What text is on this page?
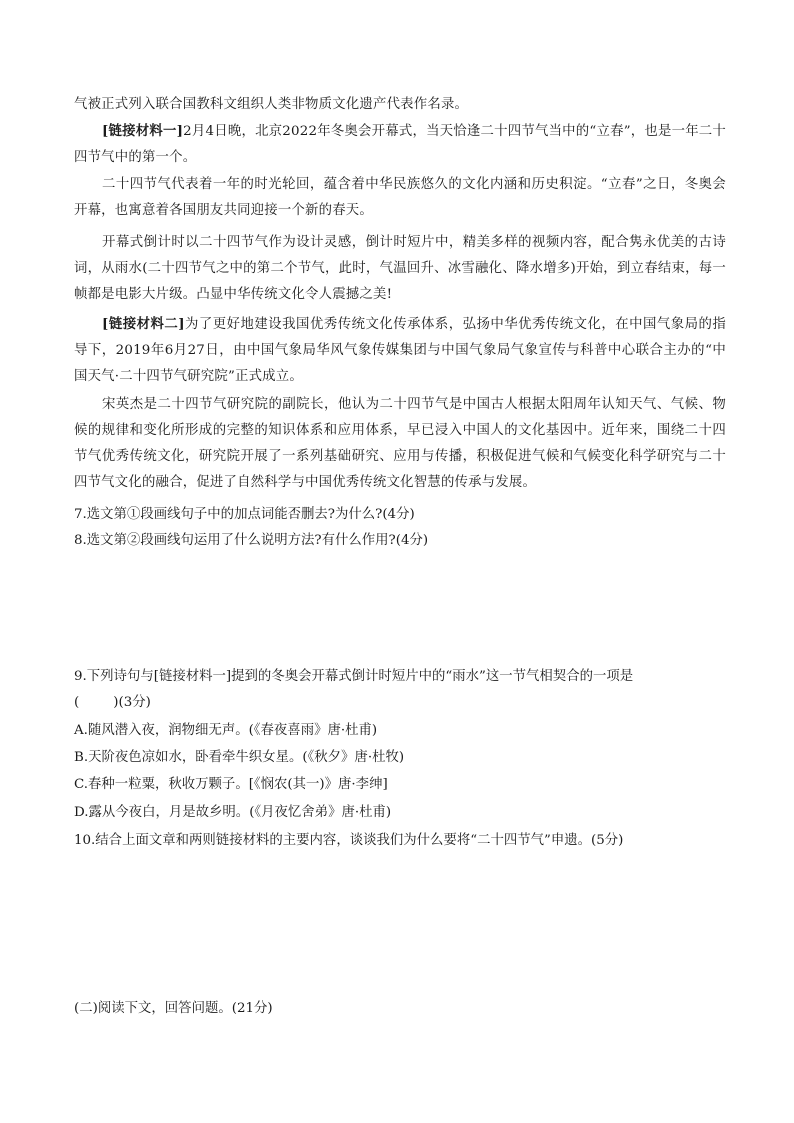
气被正式列入联合国教科文组织人类非物质文化遗产代表作名录。

[链接材料一]2月4日晚，北京2022年冬奥会开幕式，当天恰逢二十四节气当中的“立春”，也是一年二十四节气中的第一个。

二十四节气代表着一年的时光轮回，蕴含着中华民族悠久的文化内涵和历史积淀。“立春”之日，冬奥会开幕，也寓意着各国朋友共同迎接一个新的春天。

开幕式倒计时以二十四节气作为设计灵感，倒计时短片中，精美多样的视频内容，配合隽永优美的古诗词，从雨水(二十四节气之中的第二个节气，此时，气温回升、冰雪融化、降水增多)开始，到立春结束，每一帧都是电影大片级。凸显中华传统文化令人震撼之美!

[链接材料二]为了更好地建设我国优秀传统文化传承体系，弘扬中华优秀传统文化，在中国气象局的指导下，2019年6月27日，由中国气象局华风气象传媒集团与中国气象局气象宣传与科普中心联合主办的“中国天气·二十四节气研究院”正式成立。

宋英杰是二十四节气研究院的副院长，他认为二十四节气是中国古人根据太阳周年认知天气、气候、物候的规律和变化所形成的完整的知识体系和应用体系，早已浸入中国人的文化基因中。近年来，围绕二十四节气优秀传统文化，研究院开展了一系列基础研究、应用与传播，积极促进气候和气候变化科学研究与二十四节气文化的融合，促进了自然科学与中国优秀传统文化智慧的传承与发展。

7.选文第①段画线句子中的加点词能否删去?为什么?(4分)

8.选文第②段画线句运用了什么说明方法?有什么作用?(4分)

9.下列诗句与[链接材料一]提到的冬奥会开幕式倒计时短片中的“雨水”这一节气相契合的一项是

(        )(3分)

A.随风潜入夜，润物细无声。(《春夜喜雨》唐·杜甫)

B.天阶夜色凉如水，卧看牵牛织女星。(《秋夕》唐·杜牧)

C.春种一粒粟，秋收万颗子。[《悯农(其一)》唐·李绅]

D.露从今夜白，月是故乡明。(《月夜忆舍弟》唐·杜甫)

10.结合上面文章和两则链接材料的主要内容，谈谈我们为什么要将“二十四节气”申遗。(5分)

(二)阅读下文，回答问题。(21分)
